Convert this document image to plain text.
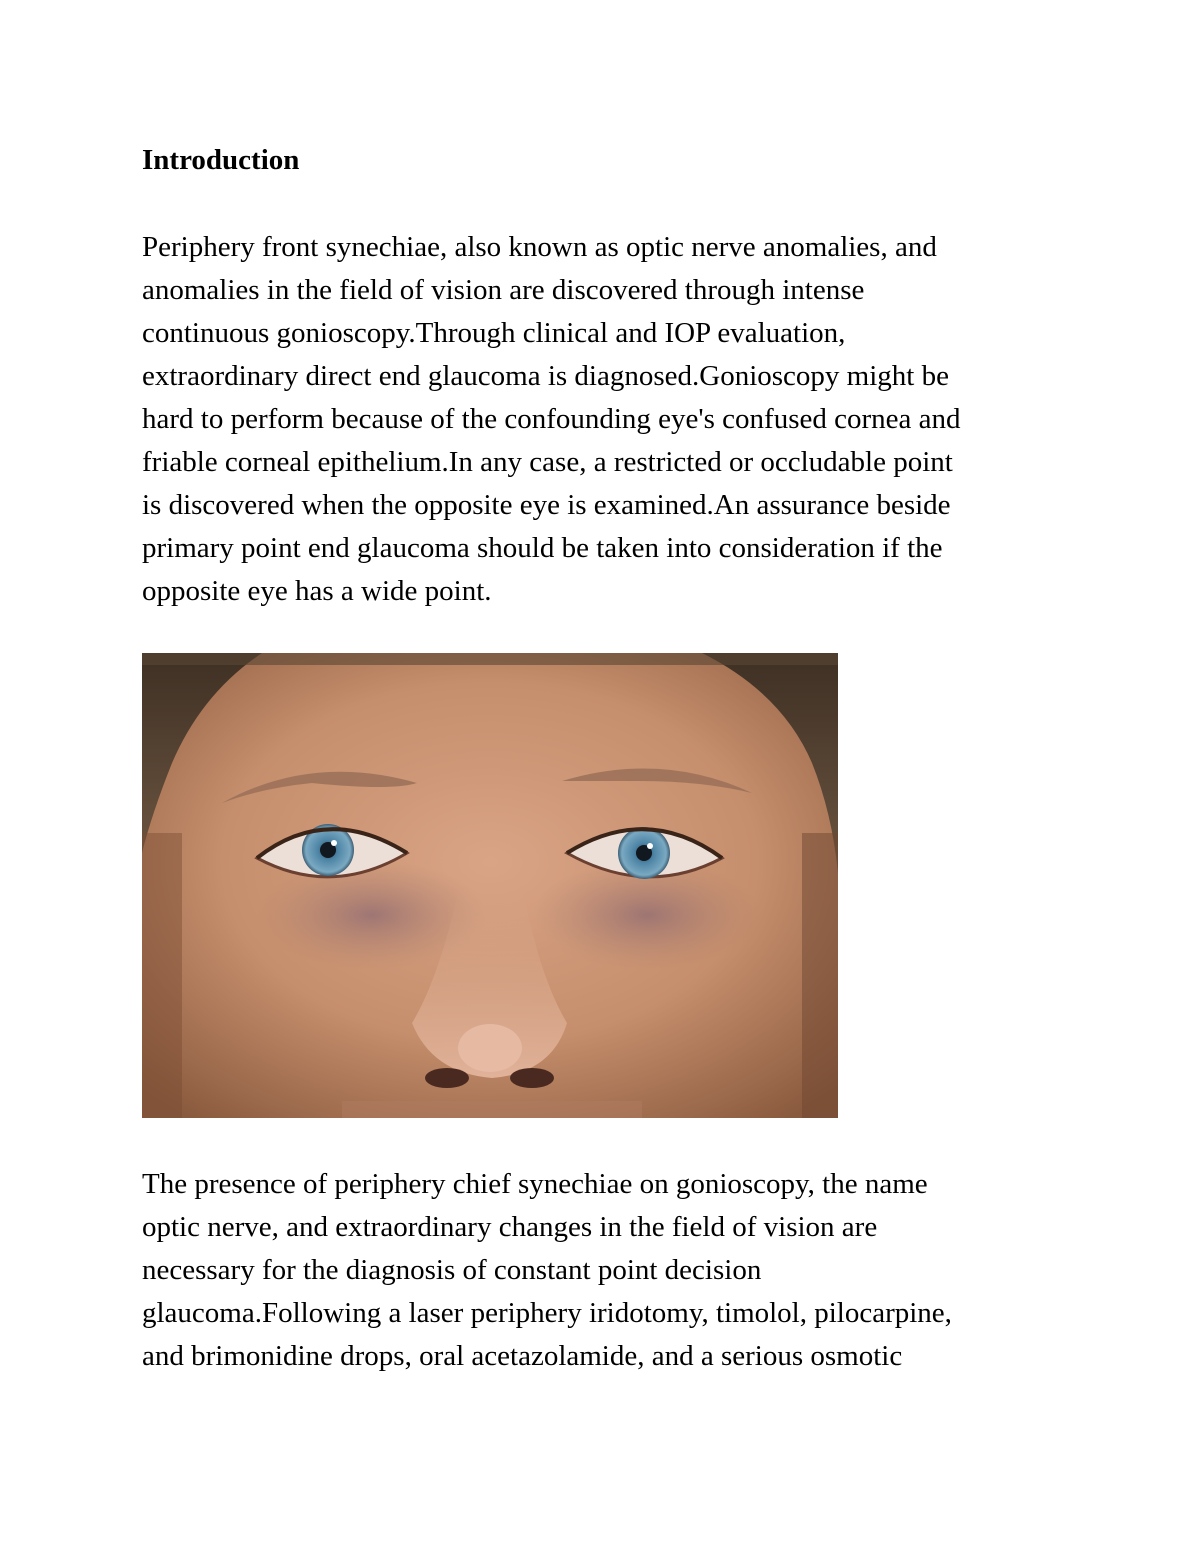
Introduction

Periphery front synechiae, also known as optic nerve anomalies, and
anomalies in the field of vision are discovered through intense
continuous gonioscopy.Through clinical and IOP evaluation,
extraordinary direct end glaucoma is diagnosed.Gonioscopy might be
hard to perform because of the confounding eye's confused cornea and
friable corneal epithelium.In any case, a restricted or occludable point
is discovered when the opposite eye is examined.An assurance beside
primary point end glaucoma should be taken into consideration if the
opposite eye has a wide point.

The presence of periphery chief synechiae on gonioscopy, the name
optic nerve, and extraordinary changes in the field of vision are
necessary for the diagnosis of constant point decision
glaucoma.Following a laser periphery iridotomy, timolol, pilocarpine,
and brimonidine drops, oral acetazolamide, and a serious osmotic
